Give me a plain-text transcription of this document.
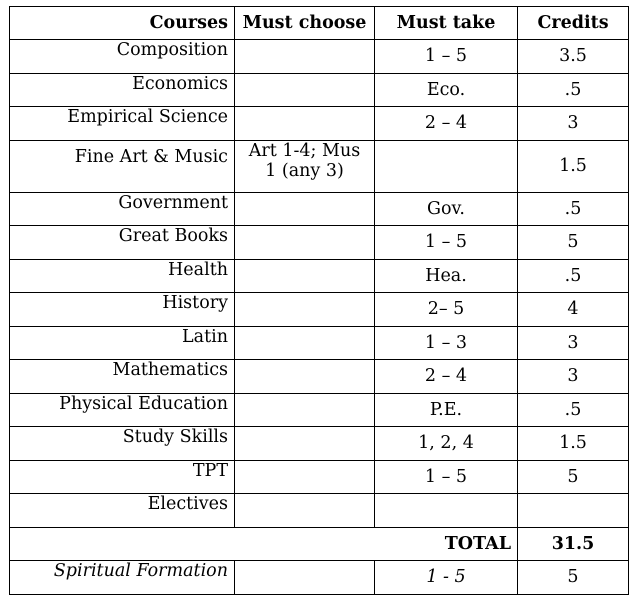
Courses	Must choose	Must take	Credits
Composition		1 – 5	3.5
Economics		Eco.	.5
Empirical Science		2 – 4	3
Fine Art & Music	Art 1-4; Mus 1 (any 3)		1.5
Government		Gov.	.5
Great Books		1 – 5	5
Health		Hea.	.5
History		2– 5	4
Latin		1 – 3	3
Mathematics		2 – 4	3
Physical Education		P.E.	.5
Study Skills		1, 2, 4	1.5
TPT		1 – 5	5
Electives			
TOTAL			31.5
Spiritual Formation		1 - 5	5
